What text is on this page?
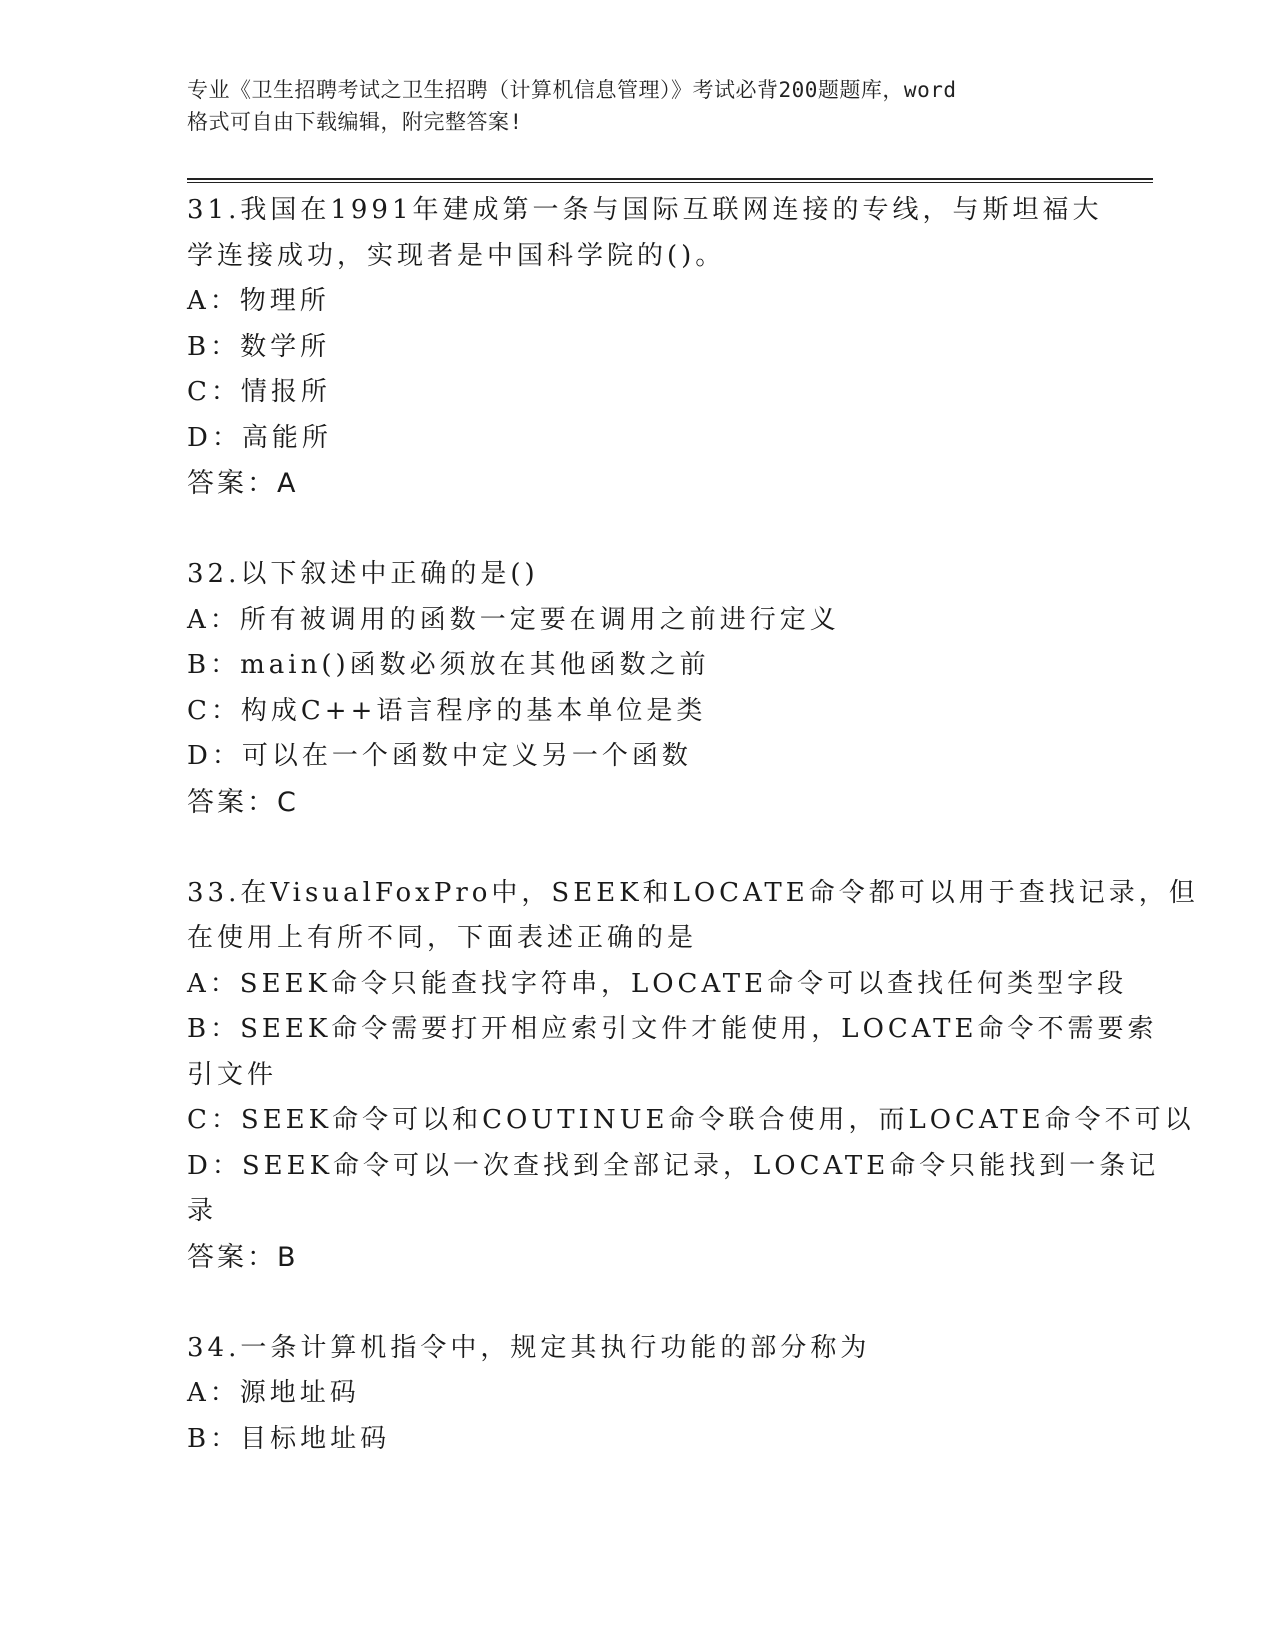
专业《卫生招聘考试之卫生招聘（计算机信息管理）》考试必背200题题库，word
格式可自由下载编辑，附完整答案!
31.我国在1991年建成第一条与国际互联网连接的专线，与斯坦福大
学连接成功，实现者是中国科学院的()。
A：物理所
B：数学所
C：情报所
D：高能所
答案：A
32.以下叙述中正确的是()
A：所有被调用的函数一定要在调用之前进行定义
B：main()函数必须放在其他函数之前
C：构成C++语言程序的基本单位是类
D：可以在一个函数中定义另一个函数
答案：C
33.在VisualFoxPro中，SEEK和LOCATE命令都可以用于查找记录，但
在使用上有所不同，下面表述正确的是
A：SEEK命令只能查找字符串，LOCATE命令可以查找任何类型字段
B：SEEK命令需要打开相应索引文件才能使用，LOCATE命令不需要索
引文件
C：SEEK命令可以和COUTINUE命令联合使用，而LOCATE命令不可以
D：SEEK命令可以一次查找到全部记录，LOCATE命令只能找到一条记
录
答案：B
34.一条计算机指令中，规定其执行功能的部分称为
A：源地址码
B：目标地址码
